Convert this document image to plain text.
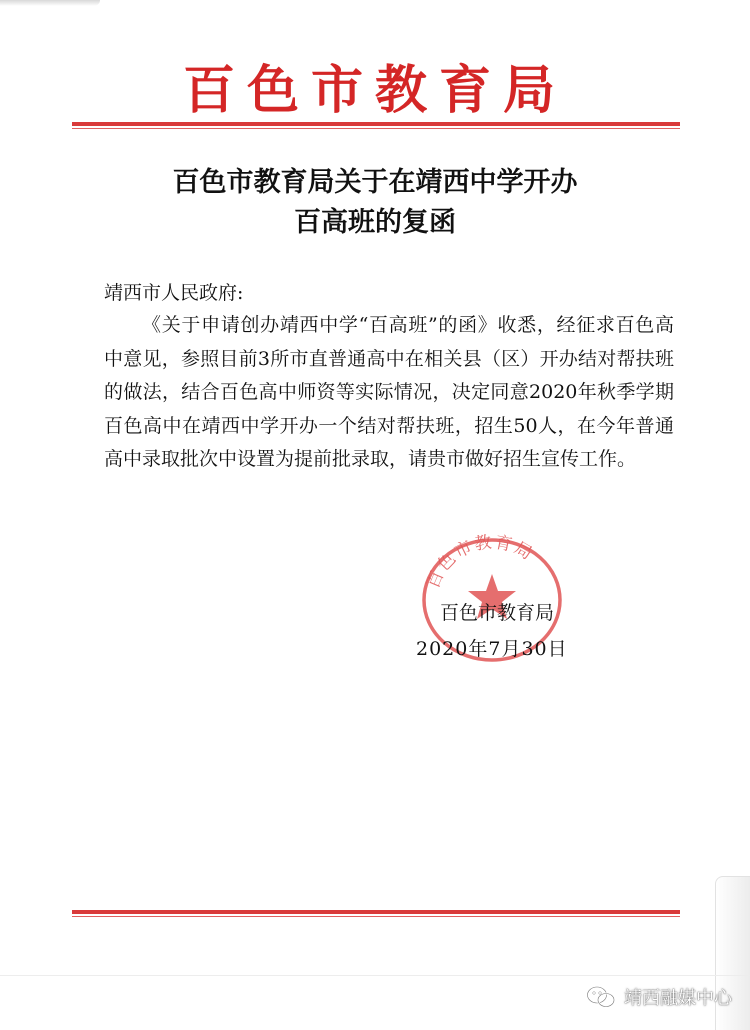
百色市教育局
百色市教育局关于在靖西中学开办
百高班的复函
靖西市人民政府:
《关于申请创办靖西中学“百高班”的函》收悉，经征求百色高中意见，参照目前3所市直普通高中在相关县（区）开办结对帮扶班的做法，结合百色高中师资等实际情况，决定同意2020年秋季学期百色高中在靖西中学开办一个结对帮扶班，招生50人，在今年普通高中录取批次中设置为提前批录取，请贵市做好招生宣传工作。
百色市教育局
百色市教育局
2020年7月30日
靖西融媒中心
